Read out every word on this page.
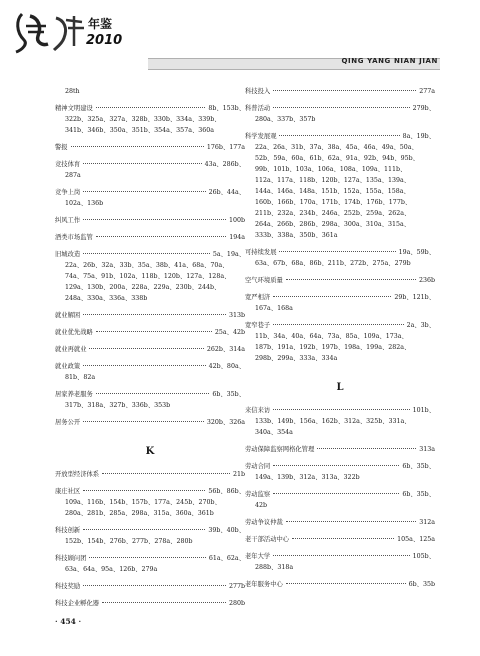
年鉴
2010
QING YANG NIAN JIAN
28th
精神文明建设	8b、153b、
322b、325a、327a、328b、330b、334a、339b、
341b、346b、350a、351b、354a、357a、360a
警报	176b、177a
竞技体育	43a、286b、
287a
竞争上岗	26b、44a、
102a、136b
纠风工作	100b
酒类市场监管	194a
旧城改造	5a、19a、
22a、26b、32a、33b、35a、38b、41a、68a、70a、
74a、75a、91b、102a、118b、120b、127a、128a、
129a、130b、200a、228a、229a、230b、244b、
248a、330a、336a、338b
就业解困	313b
就业优先战略	25a、42b
就业再就业	262b、314a
就业政策	42b、80a、
81b、82a
居家养老服务	6b、35b、
317b、318a、327b、336b、353b
居务公开	320b、326a
K
开放型经济体系	21b
康庄社区	56b、86b、
109a、116b、154b、157b、177a、245b、270b、
280a、281b、285a、298a、315a、360a、361b
科技创新	39b、40b、
152b、154b、276b、277b、278a、280b
科技顾问团	61a、62a、
63a、64a、95a、126b、279a
科技奖励	277b
科技企业孵化器	280b
科技投入	277a
科普活动	279b、
280a、337b、357b
科学发展观	8a、19b、
22a、26a、31b、37a、38a、45a、46a、49a、50a、
52b、59a、60a、61b、62a、91a、92b、94b、95b、
99b、101b、103a、106a、108a、109a、111b、
112a、117a、118b、120b、127a、135a、139a、
144a、146a、148a、151b、152a、155a、158a、
160b、166b、170a、171b、174b、176b、177b、
211b、232a、234b、246a、252b、259a、262a、
264a、266b、286b、298a、300a、310a、315a、
333b、338a、350b、361a
可持续发展	19a、59b、
63a、67b、68a、86b、211b、272b、275a、279b
空气环境质量	236b
宽严相济	29b、121b、
167a、168a
宽窄巷子	2a、3b、
11b、34a、40a、64a、73a、85a、109a、173a、
187b、191a、192b、197b、198a、199a、282a、
298b、299a、333a、334a
L
来信来访	101b、
133b、149b、156a、162b、312a、325b、331a、
340a、354a
劳动保障监察网格化管理	313a
劳动合同	6b、35b、
149a、139b、312a、313a、322b
劳动监察	6b、35b、
42b
劳动争议仲裁	312a
老干部活动中心	105a、125a
老年大学	105b、
288b、318a
老年服务中心	6b、35b
· 454 ·
